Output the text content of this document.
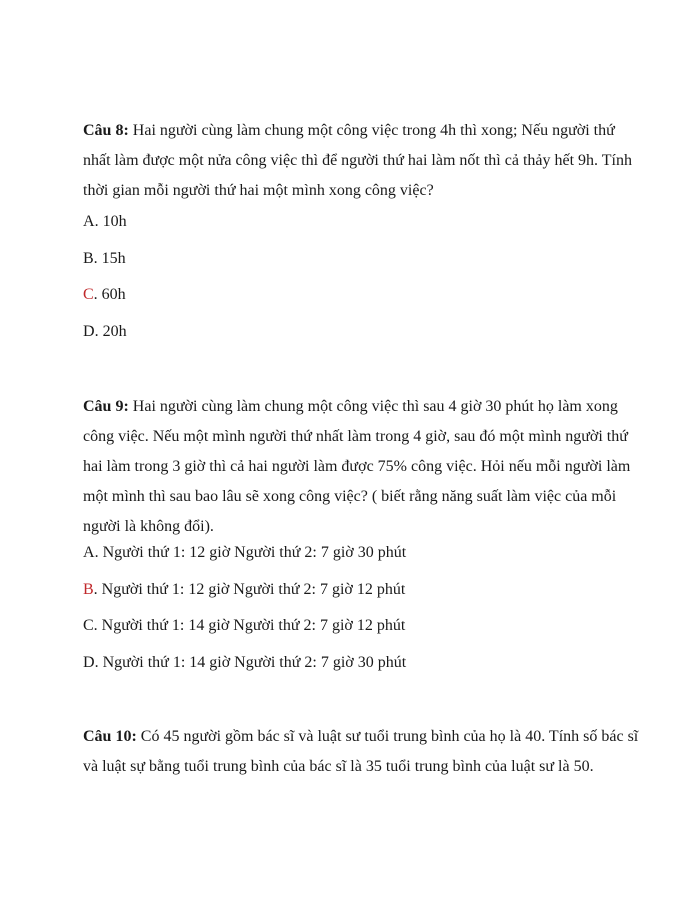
Câu 8: Hai người cùng làm chung một công việc trong 4h thì xong; Nếu người thứ nhất làm được một nửa công việc thì để người thứ hai làm nốt thì cả thảy hết 9h. Tính thời gian mỗi người thứ hai một mình xong công việc?

A. 10h

B. 15h

C. 60h

D. 20h

Câu 9: Hai người cùng làm chung một công việc thì sau 4 giờ 30 phút họ làm xong công việc. Nếu một mình người thứ nhất làm trong 4 giờ, sau đó một mình người thứ hai làm trong 3 giờ thì cả hai người làm được 75% công việc. Hỏi nếu mỗi người làm một mình thì sau bao lâu sẽ xong công việc? ( biết rằng năng suất làm việc của mỗi người là không đổi).

A. Người thứ 1: 12 giờ Người thứ 2: 7 giờ 30 phút

B. Người thứ 1: 12 giờ Người thứ 2: 7 giờ 12 phút

C. Người thứ 1: 14 giờ Người thứ 2: 7 giờ 12 phút

D. Người thứ 1: 14 giờ Người thứ 2: 7 giờ 30 phút

Câu 10: Có 45 người gồm bác sĩ và luật sư tuổi trung bình của họ là 40. Tính số bác sĩ và luật sự bằng tuổi trung bình của bác sĩ là 35 tuổi trung bình của luật sư là 50.
